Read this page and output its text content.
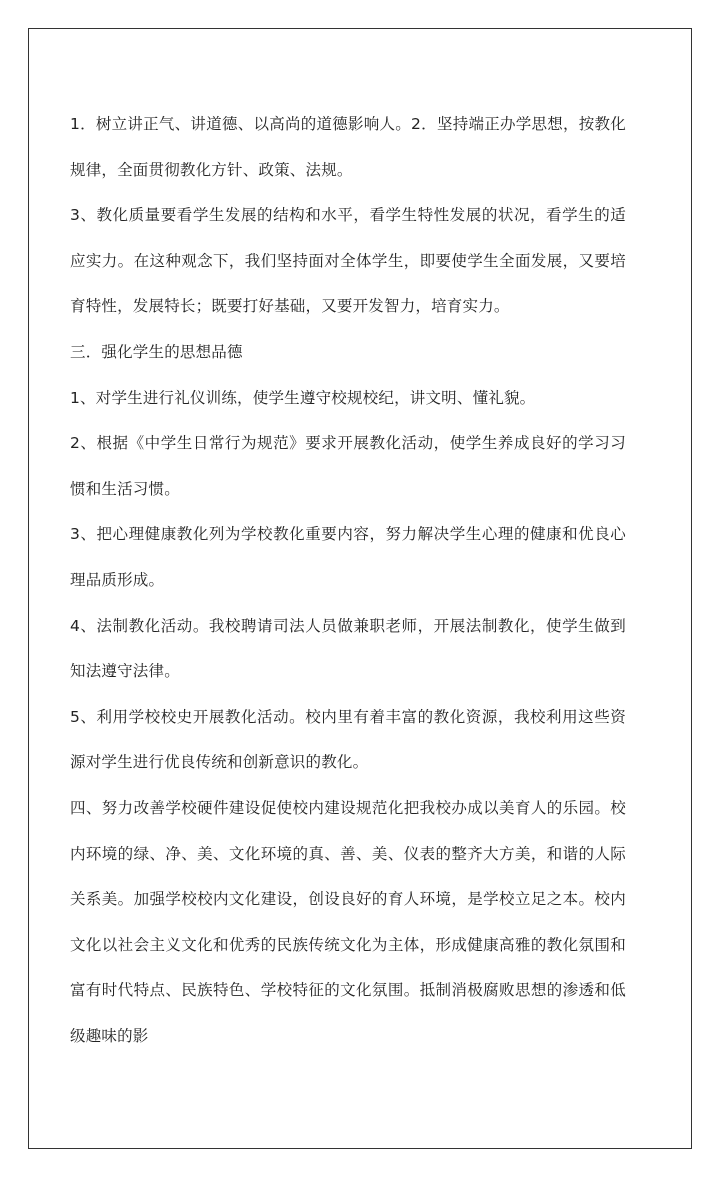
1．树立讲正气、讲道德、以高尚的道德影响人。2．坚持端正办学思想，按教化规律，全面贯彻教化方针、政策、法规。

3、教化质量要看学生发展的结构和水平，看学生特性发展的状况，看学生的适应实力。在这种观念下，我们坚持面对全体学生，即要使学生全面发展，又要培育特性，发展特长；既要打好基础，又要开发智力，培育实力。

三．强化学生的思想品德

1、对学生进行礼仪训练，使学生遵守校规校纪，讲文明、懂礼貌。

2、根据《中学生日常行为规范》要求开展教化活动，使学生养成良好的学习习惯和生活习惯。

3、把心理健康教化列为学校教化重要内容，努力解决学生心理的健康和优良心理品质形成。

4、法制教化活动。我校聘请司法人员做兼职老师，开展法制教化，使学生做到知法遵守法律。

5、利用学校校史开展教化活动。校内里有着丰富的教化资源，我校利用这些资源对学生进行优良传统和创新意识的教化。

四、努力改善学校硬件建设促使校内建设规范化把我校办成以美育人的乐园。校内环境的绿、净、美、文化环境的真、善、美、仪表的整齐大方美，和谐的人际关系美。加强学校校内文化建设，创设良好的育人环境，是学校立足之本。校内文化以社会主义文化和优秀的民族传统文化为主体，形成健康高雅的教化氛围和富有时代特点、民族特色、学校特征的文化氛围。抵制消极腐败思想的渗透和低级趣味的影
